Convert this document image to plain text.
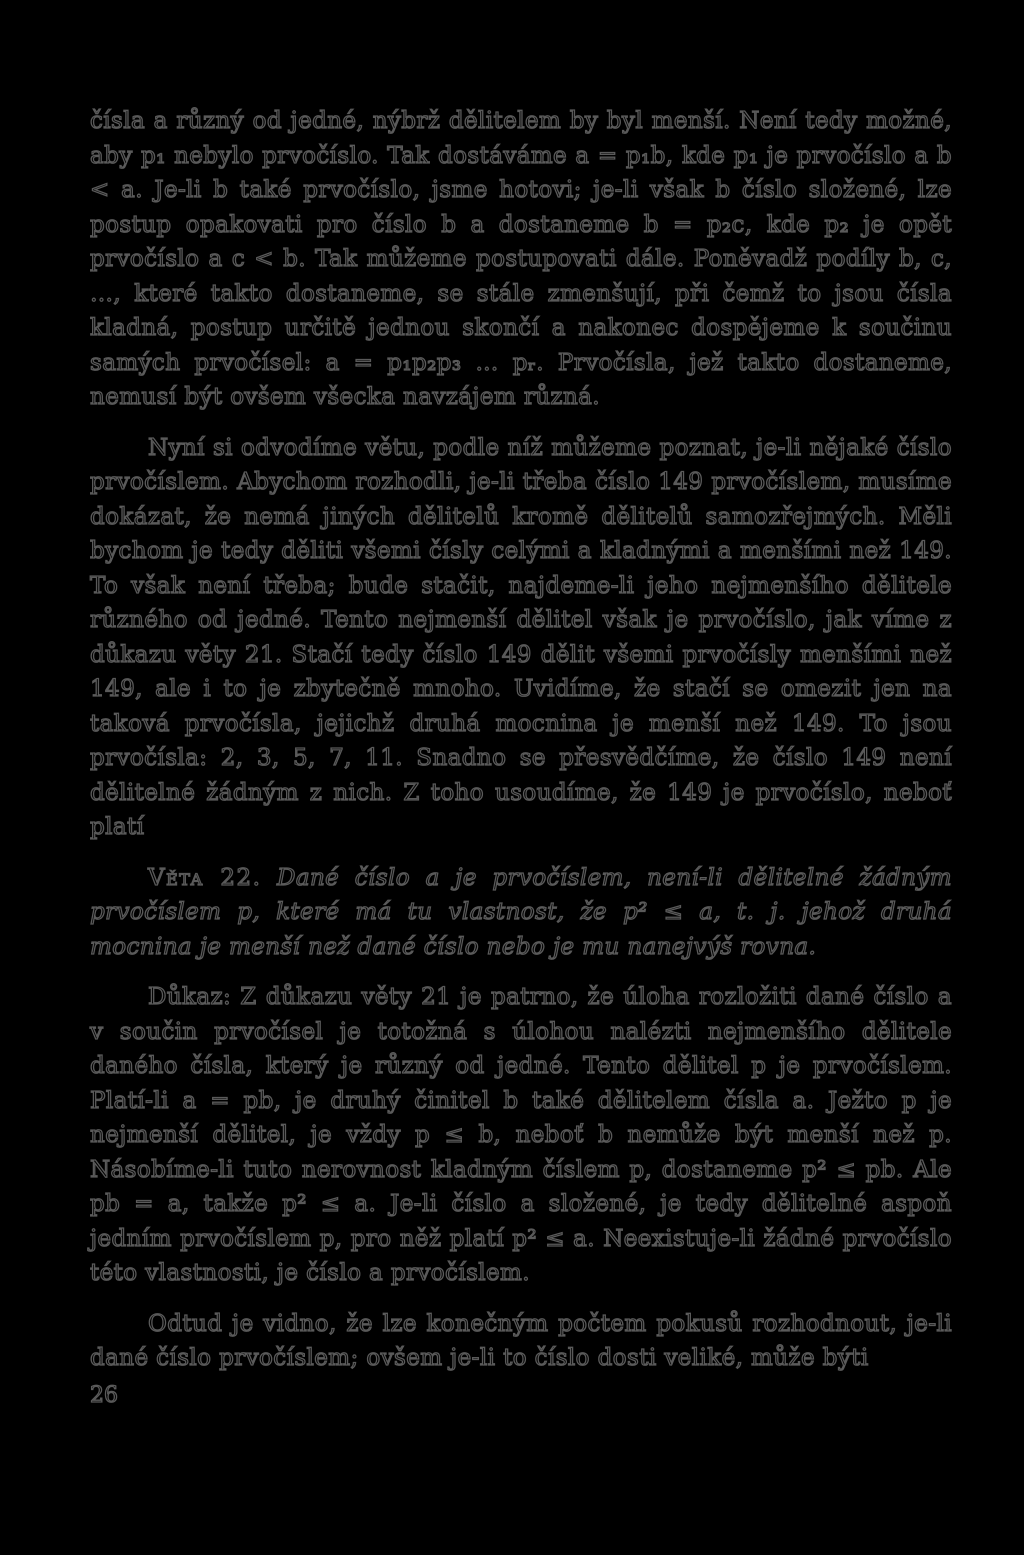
čísla a různý od jedné, nýbrž dělitelem by byl menší. Není tedy možné, aby p₁ nebylo prvočíslo. Tak dostáváme a = p₁b, kde p₁ je prvočíslo a b < a. Je-li b také prvočíslo, jsme hotovi; je-li však b číslo složené, lze postup opakovati pro číslo b a dostaneme b = p₂c, kde p₂ je opět prvočíslo a c < b. Tak můžeme postupovati dále. Poněvadž podíly b, c, …, které takto dostaneme, se stále zmenšují, při čemž to jsou čísla kladná, postup určitě jednou skončí a nakonec dospějeme k součinu samých prvočísel: a = p₁p₂p₃ … pᵣ. Prvočísla, jež takto dostaneme, nemusí být ovšem všecka navzájem různá.

Nyní si odvodíme větu, podle níž můžeme poznat, je-li nějaké číslo prvočíslem. Abychom rozhodli, je-li třeba číslo 149 prvočíslem, musíme dokázat, že nemá jiných dělitelů kromě dělitelů samozřejmých. Měli bychom je tedy děliti všemi čísly celými a kladnými a menšími než 149. To však není třeba; bude stačit, najdeme-li jeho nejmenšího dělitele různého od jedné. Tento nejmenší dělitel však je prvočíslo, jak víme z důkazu věty 21. Stačí tedy číslo 149 dělit všemi prvočísly menšími než 149, ale i to je zbytečně mnoho. Uvidíme, že stačí se omezit jen na taková prvočísla, jejichž druhá mocnina je menší než 149. To jsou prvočísla: 2, 3, 5, 7, 11. Snadno se přesvědčíme, že číslo 149 není dělitelné žádným z nich. Z toho usoudíme, že 149 je prvočíslo, neboť platí

Věta 22. Dané číslo a je prvočíslem, není-li dělitelné žádným prvočíslem p, které má tu vlastnost, že p² ≤ a, t. j. jehož druhá mocnina je menší než dané číslo nebo je mu nanejvýš rovna.

Důkaz: Z důkazu věty 21 je patrno, že úloha rozložiti dané číslo a v součin prvočísel je totožná s úlohou nalézti nejmenšího dělitele daného čísla, který je různý od jedné. Tento dělitel p je prvočíslem. Platí-li a = pb, je druhý činitel b také dělitelem čísla a. Ježto p je nejmenší dělitel, je vždy p ≤ b, neboť b nemůže být menší než p. Násobíme-li tuto nerovnost kladným číslem p, dostaneme p² ≤ pb. Ale pb = a, takže p² ≤ a. Je-li číslo a složené, je tedy dělitelné aspoň jedním prvočíslem p, pro něž platí p² ≤ a. Neexistuje-li žádné prvočíslo této vlastnosti, je číslo a prvočíslem.

Odtud je vidno, že lze konečným počtem pokusů rozhodnout, je-li dané číslo prvočíslem; ovšem je-li to číslo dosti veliké, může býti

26
